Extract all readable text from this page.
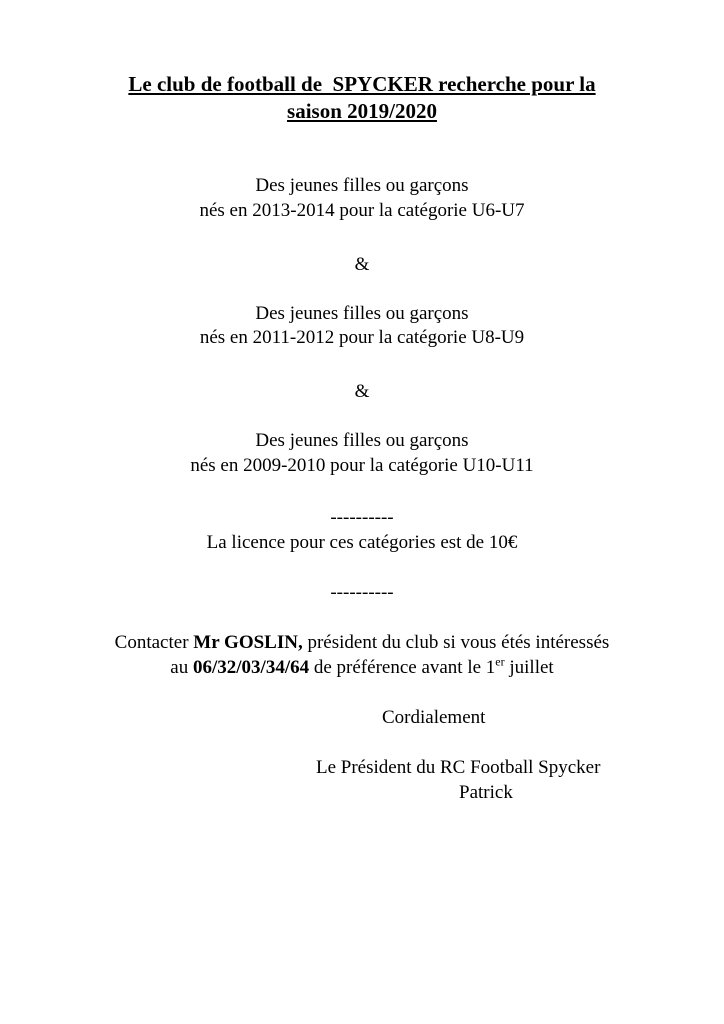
Le club de football de  SPYCKER recherche pour la
saison 2019/2020
Des jeunes filles ou garçons
nés en 2013-2014 pour la catégorie U6-U7
&
Des jeunes filles ou garçons
nés en 2011-2012 pour la catégorie U8-U9
&
Des jeunes filles ou garçons
nés en 2009-2010 pour la catégorie U10-U11
----------
La licence pour ces catégories est de 10€
----------
Contacter Mr GOSLIN, président du club si vous étés intéressés
au 06/32/03/34/64 de préférence avant le 1er juillet
Cordialement
Le Président du RC Football Spycker
Patrick
